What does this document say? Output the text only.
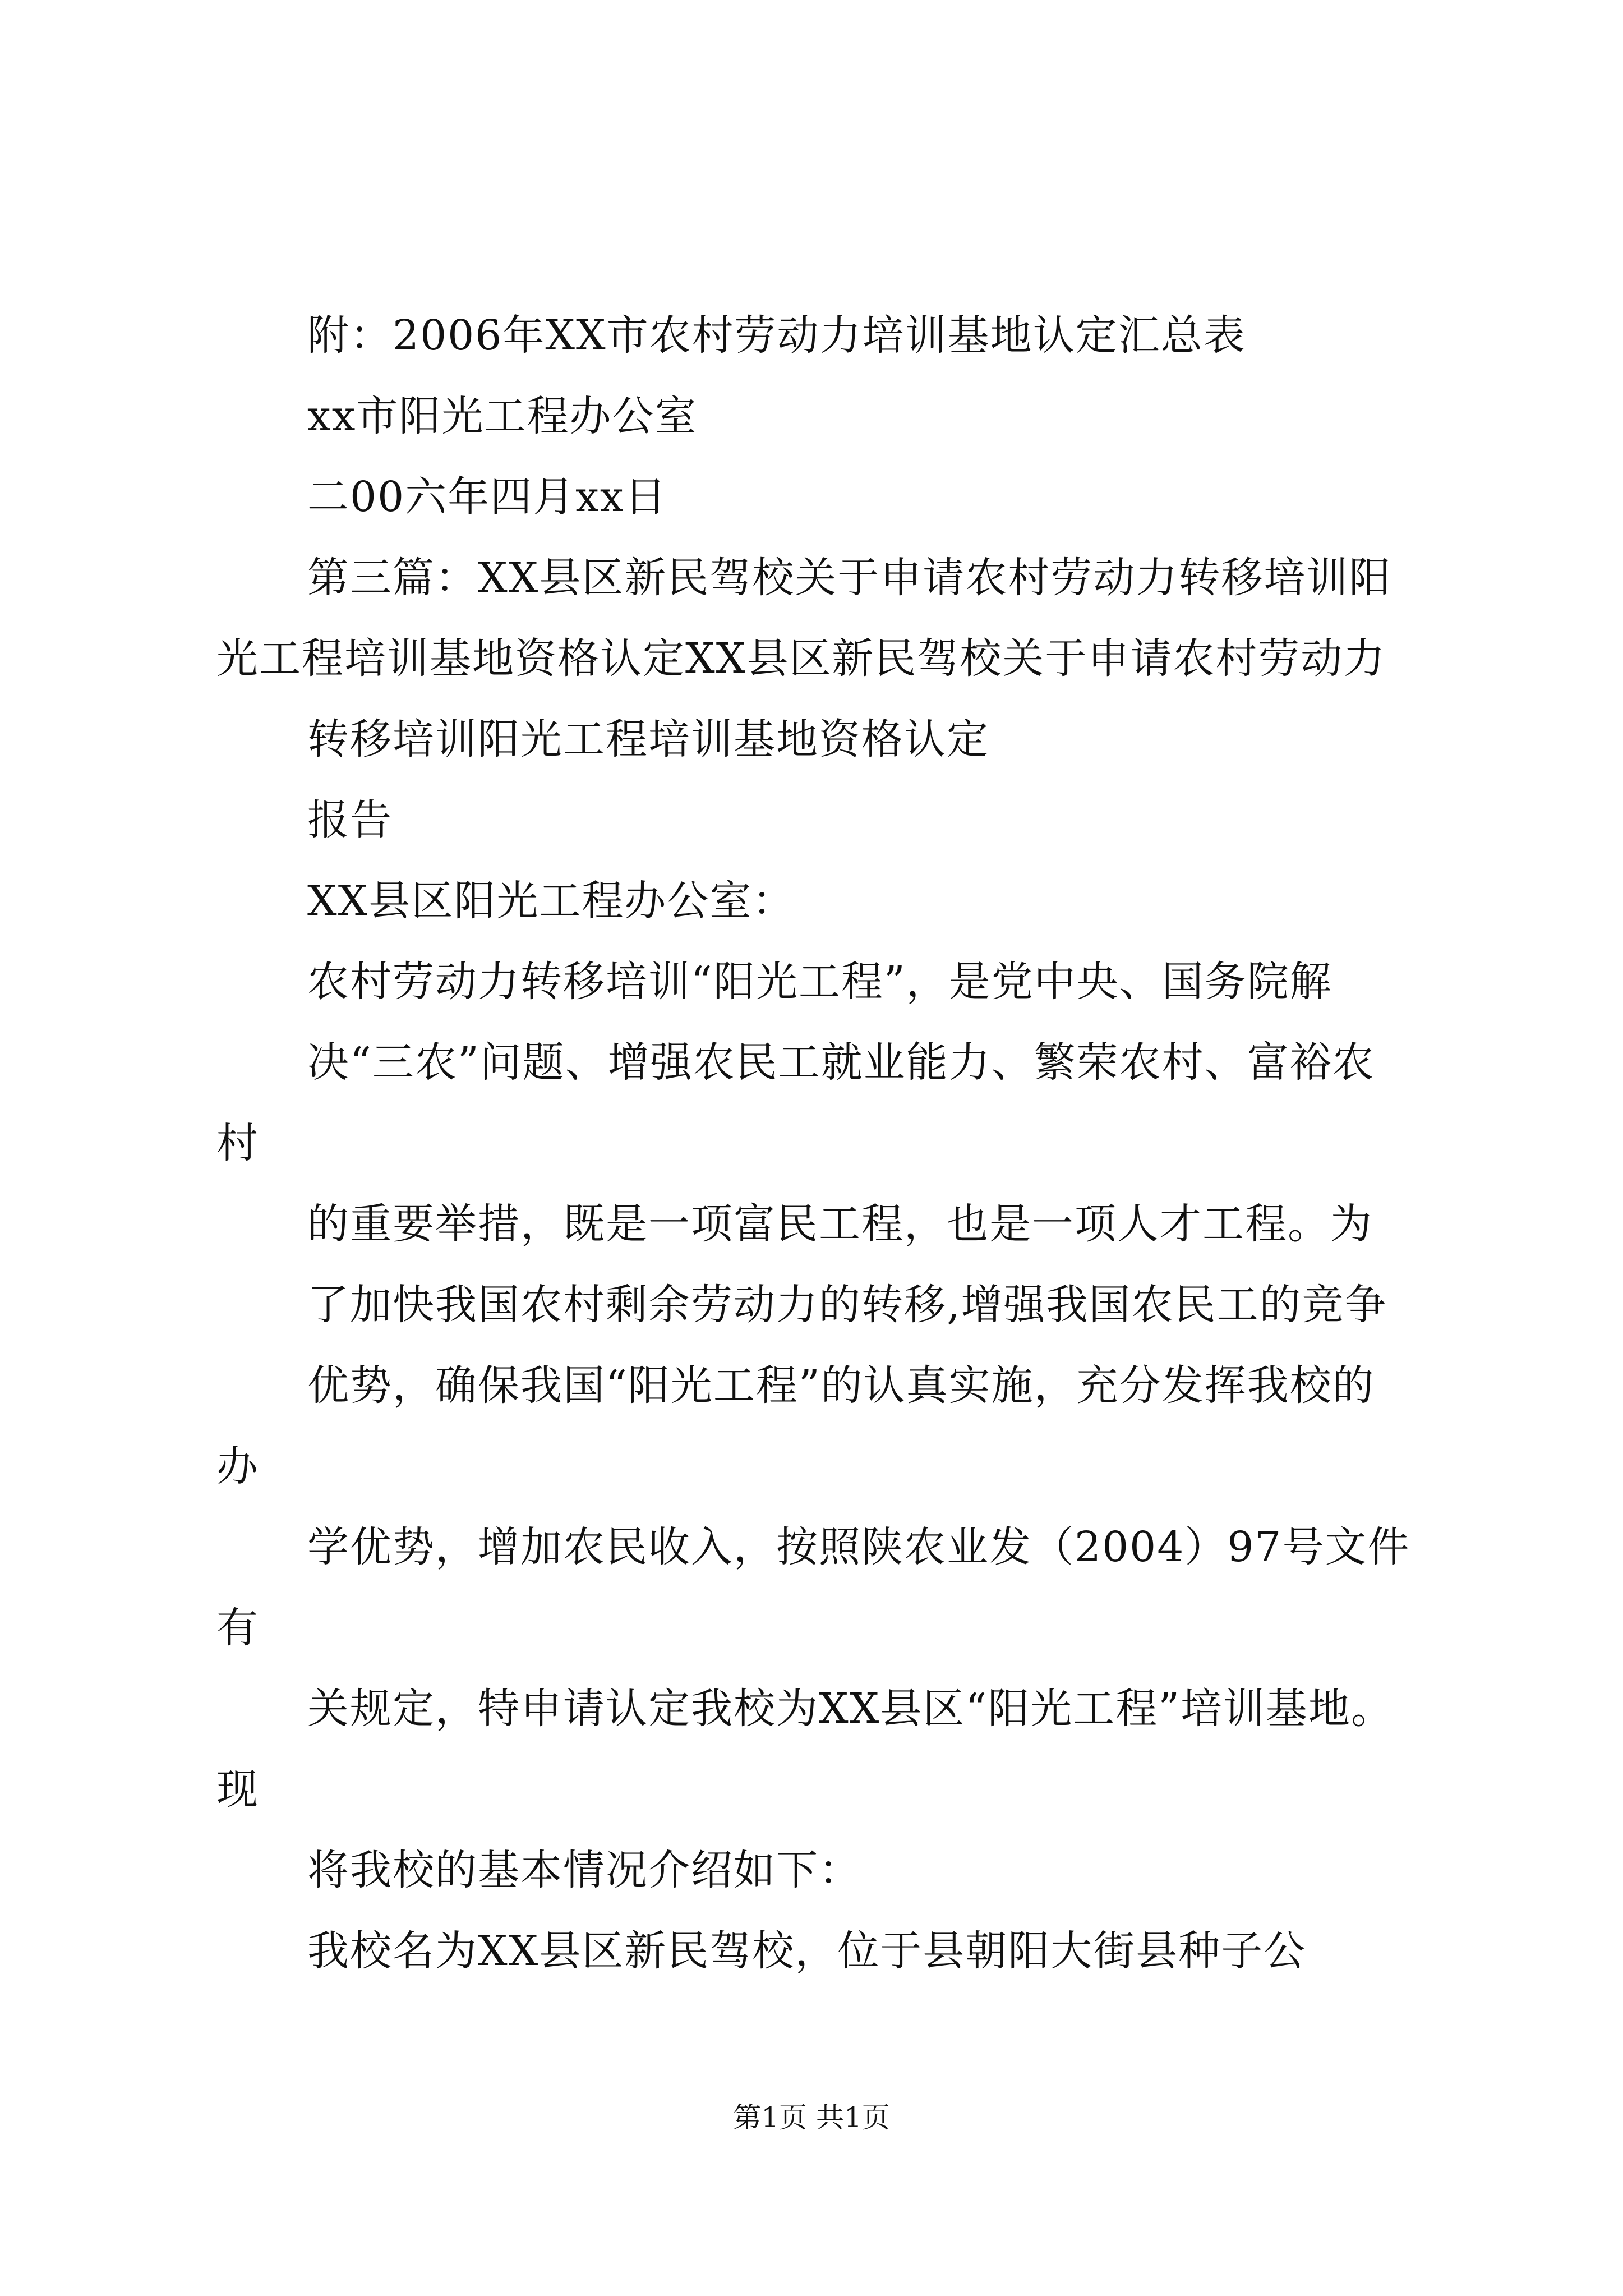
附：2006年XX市农村劳动力培训基地认定汇总表
xx市阳光工程办公室
二00六年四月xx日
第三篇：XX县区新民驾校关于申请农村劳动力转移培训阳
光工程培训基地资格认定XX县区新民驾校关于申请农村劳动力
转移培训阳光工程培训基地资格认定
报告
XX县区阳光工程办公室：
农村劳动力转移培训“阳光工程”，是党中央、国务院解
决“三农”问题、增强农民工就业能力、繁荣农村、富裕农
村
的重要举措，既是一项富民工程，也是一项人才工程。为
了加快我国农村剩余劳动力的转移,增强我国农民工的竞争
优势，确保我国“阳光工程”的认真实施，充分发挥我校的
办
学优势，增加农民收入，按照陕农业发（2004）97号文件
有
关规定，特申请认定我校为XX县区“阳光工程”培训基地。
现
将我校的基本情况介绍如下：
我校名为XX县区新民驾校，位于县朝阳大街县种子公
第1页 共1页
